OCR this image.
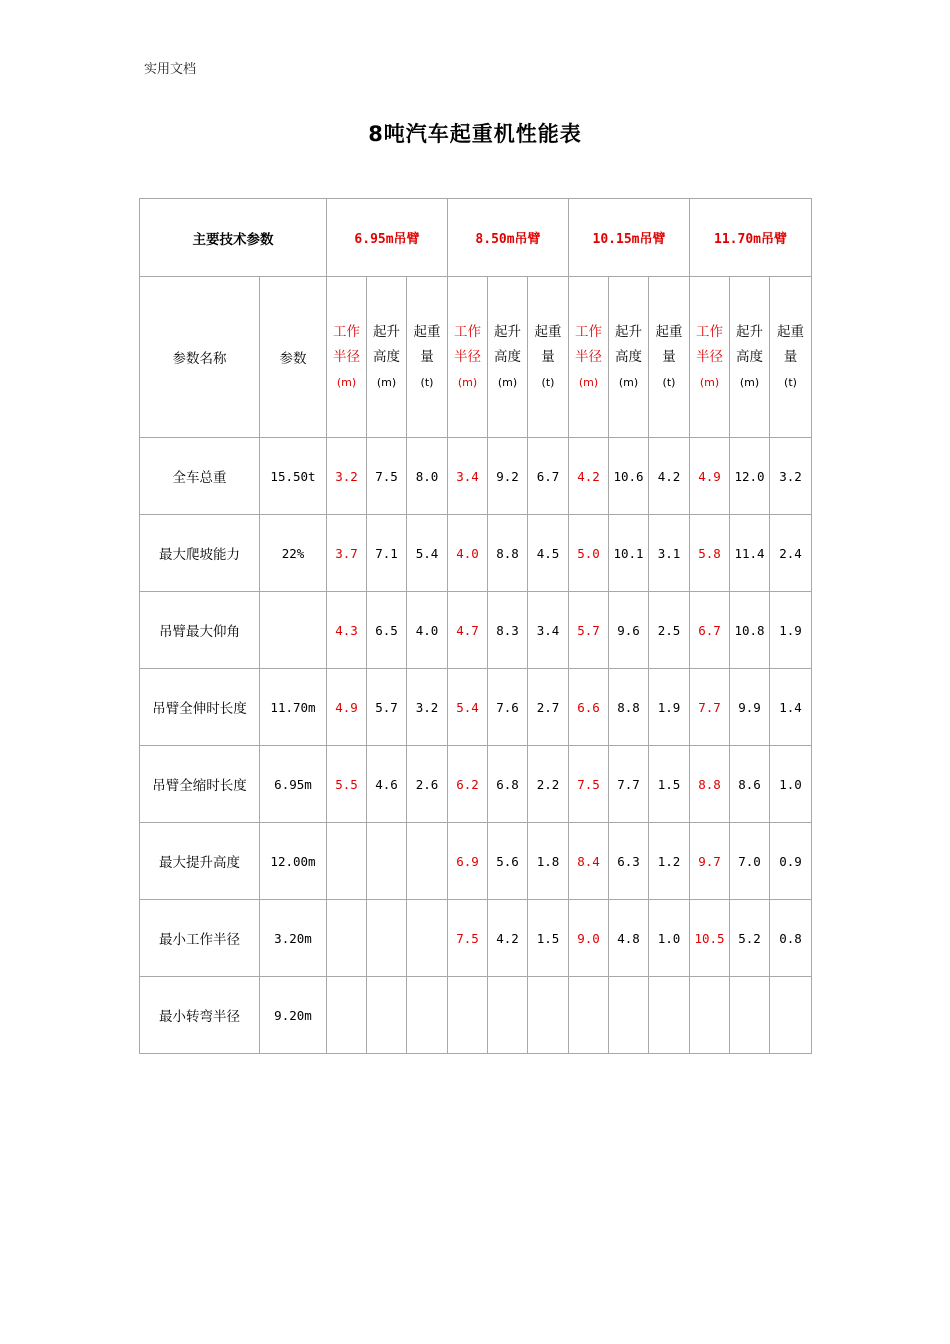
实用文档
8吨汽车起重机性能表
主要技术参数		6.95m吊臂			8.50m吊臂			10.15m吊臂			11.70m吊臂		
参数名称	参数	工作
半径
(m)	起升
高度
(m)	起重
量
(t)	工作
半径
(m)	起升
高度
(m)	起重
量
(t)	工作
半径
(m)	起升
高度
(m)	起重
量
(t)	工作
半径
(m)	起升
高度
(m)	起重
量
(t)

全车总重	15.50t	3.2	7.5	8.0	3.4	9.2	6.7	4.2	10.6	4.2	4.9	12.0	3.2
最大爬坡能力	22%	3.7	7.1	5.4	4.0	8.8	4.5	5.0	10.1	3.1	5.8	11.4	2.4
吊臂最大仰角		4.3	6.5	4.0	4.7	8.3	3.4	5.7	9.6	2.5	6.7	10.8	1.9
吊臂全伸时长度	11.70m	4.9	5.7	3.2	5.4	7.6	2.7	6.6	8.8	1.9	7.7	9.9	1.4
吊臂全缩时长度	6.95m	5.5	4.6	2.6	6.2	6.8	2.2	7.5	7.7	1.5	8.8	8.6	1.0
最大提升高度	12.00m				6.9	5.6	1.8	8.4	6.3	1.2	9.7	7.0	0.9
最小工作半径	3.20m				7.5	4.2	1.5	9.0	4.8	1.0	10.5	5.2	0.8
最小转弯半径	9.20m												
